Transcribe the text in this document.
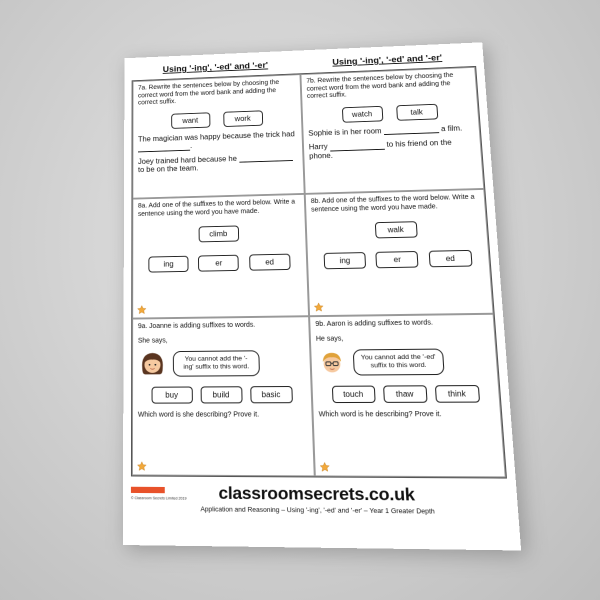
Using '-ing', '-ed' and '-er'
Using '-ing', '-ed' and '-er'

7a. Rewrite the sentences below by choosing the correct word from the word bank and adding the correct suffix.

want	work

The magician was happy because the trick had .

Joey trained hard because he  to be on the team.

7b. Rewrite the sentences below by choosing the correct word from the word bank and adding the correct suffix.

watch	talk

Sophie is in her room	a film.

Harry	to his friend on the phone.

8a. Add one of the suffixes to the word below. Write a sentence using the word you have made.

climb
ing	er	ed

8b. Add one of the suffixes to the word below. Write a sentence using the word you have made.

walk
ing	er	ed

9a. Joanne is adding suffixes to words.

She says,

You cannot add the '-ing' suffix to this word.
buy	build	basic

Which word is she describing? Prove it.

9b. Aaron is adding suffixes to words.

He says,

You cannot add the '-ed' suffix to this word.
touch	thaw	think

Which word is he describing? Prove it.

© Classroom Secrets Limited 2019	classroomsecrets.co.uk
Application and Reasoning – Using '-ing', '-ed' and '-er' – Year 1 Greater Depth
